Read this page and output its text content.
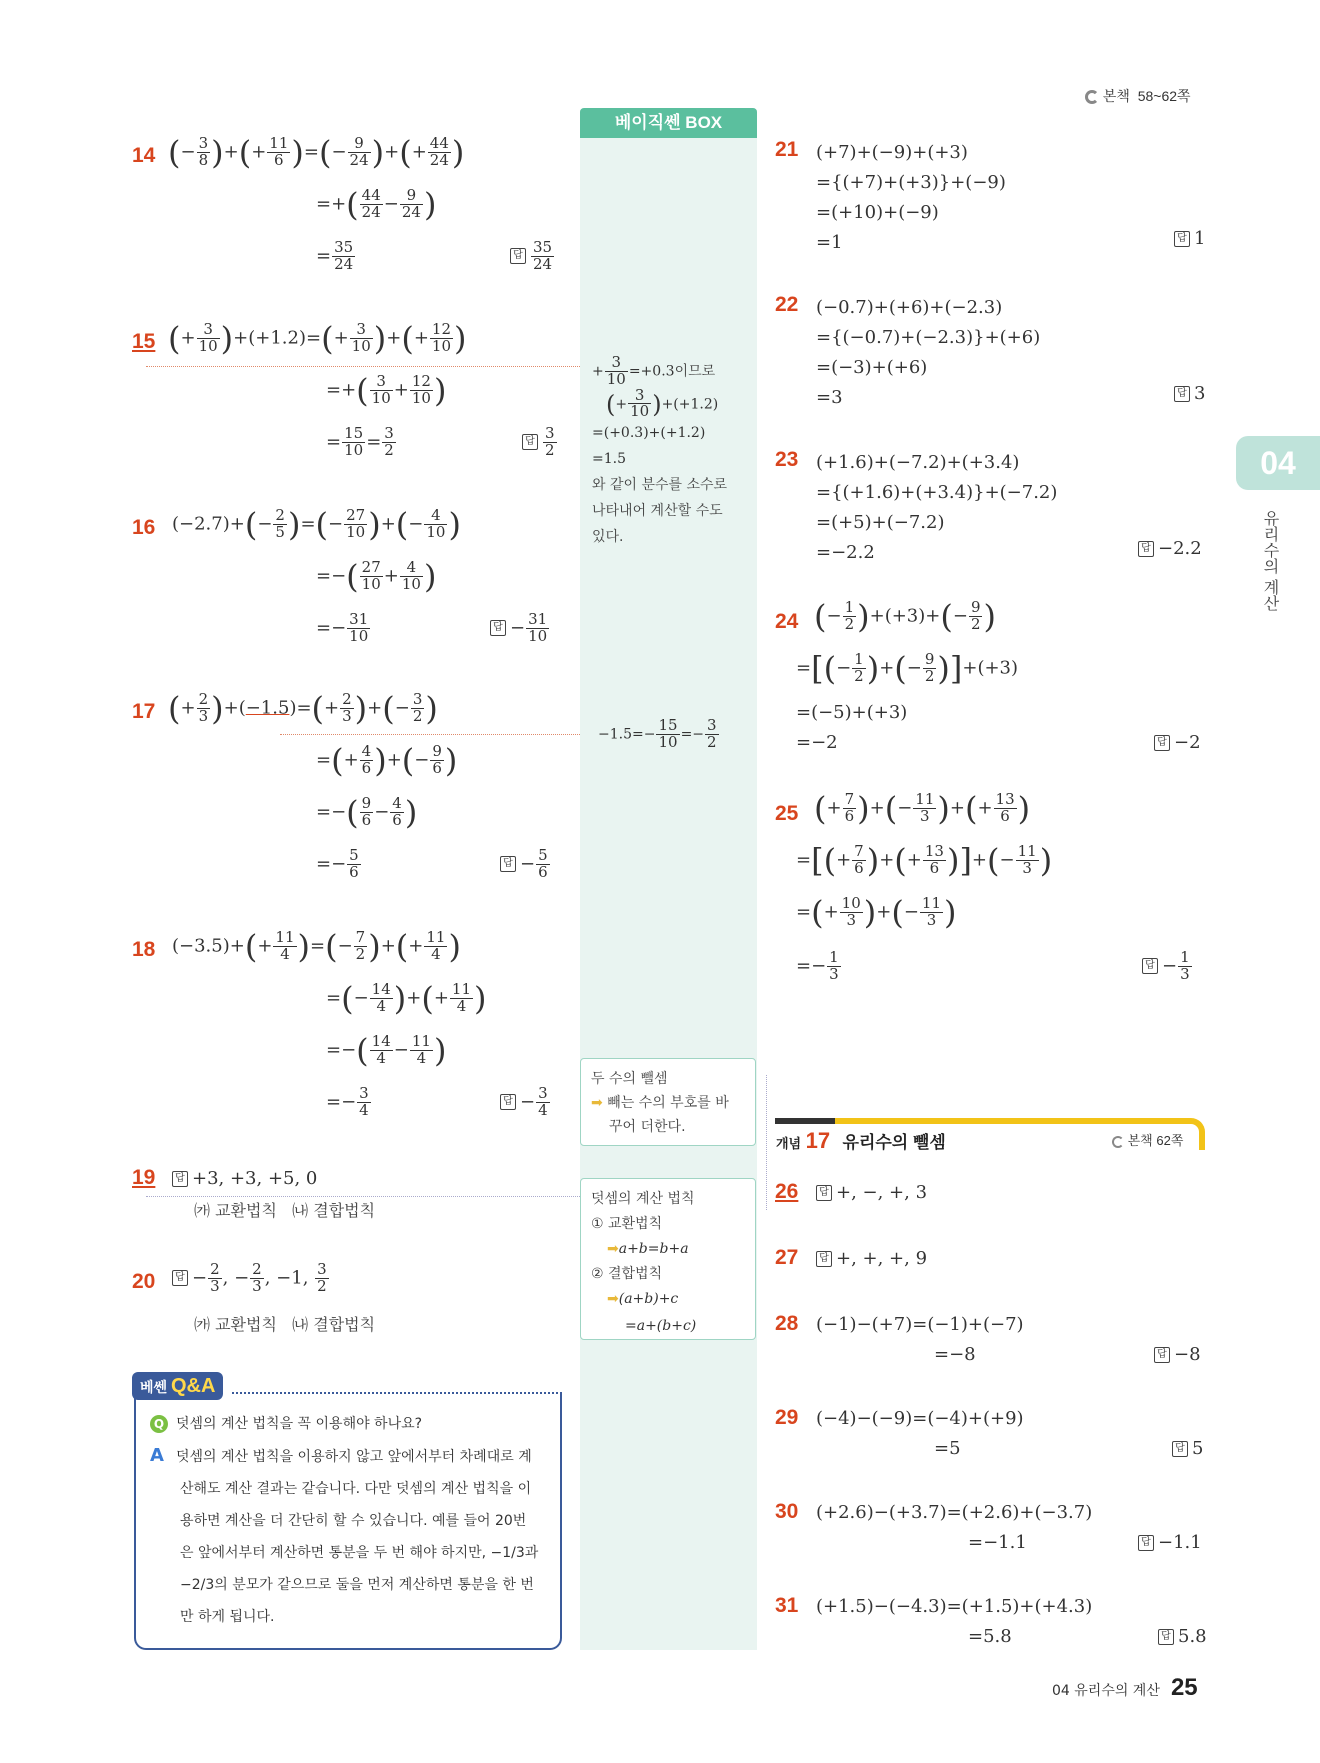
본책 58~62쪽
04
유리수의 계산
베이직쎈 BOX
+ $\frac{3}{10} =+0.3$이므로
(+ $\frac{3}{10} )+(+1.2)$
=(+0.3)+(+1.2)
=1.5
와 같이 분수를 소수로
나타내어 계산할 수도
있다.
$-1.5=- \frac{15}{10} =- \frac{3}{2}$
두 수의 뺄셈
➡ 빼는 수의 부호를 바
꾸어 더한다.
덧셈의 계산 법칙
① 교환법칙
➡a+b=b+a
② 결합법칙
➡(a+b)+c
=a+(b+c)
14 (− $\frac{3}{8}$ )+(+ $\frac{11}{6}$ )=(− $\frac{9}{24}$ )+(+ $\frac{44}{24}$ )
=+( $\frac{44}{24} - \frac{9}{24}$ )
= $\frac{35}{24}$	답 $\frac{35}{24}$
15 (+ $\frac{3}{10} )+(+1.2)=(+ \frac{3}{10}$ )+(+ $\frac{12}{10}$ )
=+( $\frac{3}{10} + \frac{12}{10}$ )
= $\frac{15}{10} = \frac{3}{2}$	답 $\frac{3}{2}$
16 $(-2.7)+(- \frac{2}{5}$ )=(− $\frac{27}{10}$ )+(− $\frac{4}{10}$ )
=−( $\frac{27}{10} + \frac{4}{10}$ )
=− $\frac{31}{10}$	답 − $\frac{31}{10}$
17 (+ $\frac{2}{3} )+(-1.5)=(+ \frac{2}{3}$ )+(− $\frac{3}{2}$ )
=(+ $\frac{4}{6}$ )+(− $\frac{9}{6}$ )
=−( $\frac{9}{6} - \frac{4}{6}$ )
=− $\frac{5}{6}$	답 − $\frac{5}{6}$
18 $(-3.5)+(+ \frac{11}{4}$ )=(− $\frac{7}{2}$ )+(+ $\frac{11}{4}$ )
=(− $\frac{14}{4}$ )+(+ $\frac{11}{4}$ )
=−( $\frac{14}{4} - \frac{11}{4}$ )
=− $\frac{3}{4}$	답 − $\frac{3}{4}$
19	답 +3, +3, +5, 0
㈎ 교환법칙   ㈏ 결합법칙
20	답 − $\frac{2}{3}$ , − $\frac{2}{3}$ , −1, $\frac{3}{2}$
㈎ 교환법칙   ㈏ 결합법칙
베쎈 Q&A
Q 덧셈의 계산 법칙을 꼭 이용해야 하나요?
A 덧셈의 계산 법칙을 이용하지 않고 앞에서부터 차례대로 계
산해도 계산 결과는 같습니다. 다만 덧셈의 계산 법칙을 이
용하면 계산을 더 간단히 할 수 있습니다. 예를 들어 20번
은 앞에서부터 계산하면 통분을 두 번 해야 하지만, −1/3과
−2/3의 분모가 같으므로 둘을 먼저 계산하면 통분을 한 번
만 하게 됩니다.
21 (+7)+(−9)+(+3)
={(+7)+(+3)}+(−9)
=(+10)+(−9)
=1	답 1
22 (−0.7)+(+6)+(−2.3)
={(−0.7)+(−2.3)}+(+6)
=(−3)+(+6)
=3	답 3
23 (+1.6)+(−7.2)+(+3.4)
={(+1.6)+(+3.4)}+(−7.2)
=(+5)+(−7.2)
=−2.2	답 −2.2
24 (− $\frac{1}{2} )+(+3)+(- \frac{9}{2}$ )
=[(− $\frac{1}{2}$ )+(− $\frac{9}{2} )]+(+3)$
=(−5)+(+3)
=−2	답 −2
25 (+ $\frac{7}{6}$ )+(− $\frac{11}{3}$ )+(+ $\frac{13}{6}$ )
=[(+ $\frac{7}{6}$ )+(+ $\frac{13}{6}$ )]+(− $\frac{11}{3}$ )
=(+ $\frac{10}{3}$ )+(− $\frac{11}{3}$ )
=− $\frac{1}{3}$	답 − $\frac{1}{3}$
개념 17 유리수의 뺄셈	본책 62쪽
26	답 +, −, +, 3
27	답 +, +, +, 9
28 (−1)−(+7)=(−1)+(−7)
=−8	답 −8
29 (−4)−(−9)=(−4)+(+9)
=5	답 5
30 (+2.6)−(+3.7)=(+2.6)+(−3.7)
=−1.1	답 −1.1
31 (+1.5)−(−4.3)=(+1.5)+(+4.3)
=5.8	답 5.8
04 유리수의 계산 25
